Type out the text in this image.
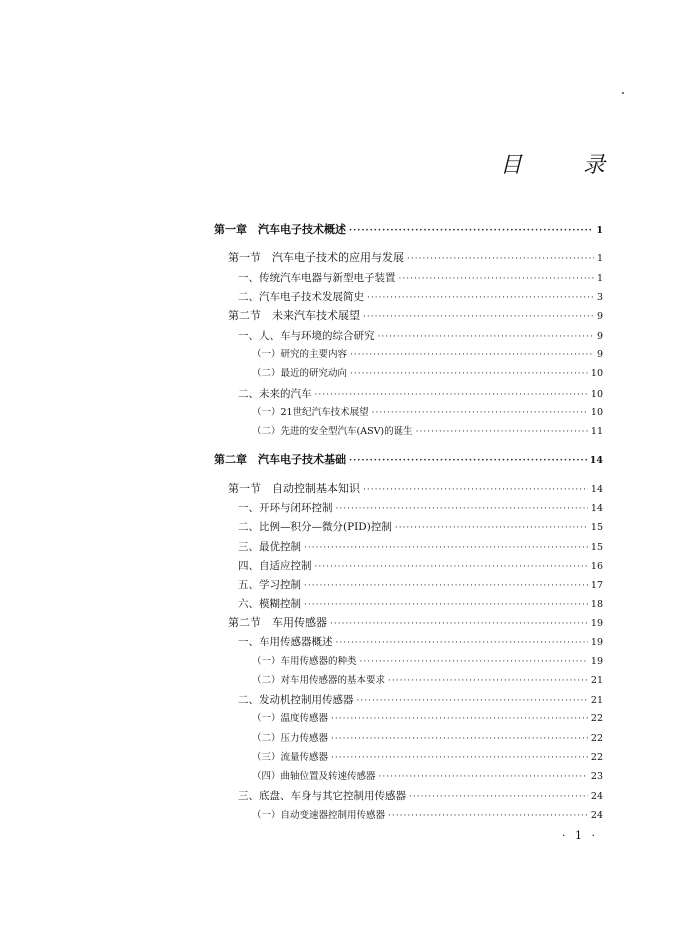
目	录
第一章　汽车电子技术概述 ·····	1
第一节　汽车电子技术的应用与发展 ·····	1
一、传统汽车电器与新型电子装置 ·····	1
二、汽车电子技术发展简史 ·····	3
第二节　未来汽车技术展望 ·····	9
一、人、车与环境的综合研究 ·····	9
（一）研究的主要内容 ·····	9
（二）最近的研究动向 ·····	10
二、未来的汽车 ·····	10
（一）21世纪汽车技术展望 ·····	10
（二）先进的安全型汽车(ASV)的诞生 ·····	11
第二章　汽车电子技术基础 ·····	14
第一节　自动控制基本知识 ·····	14
一、开环与闭环控制 ·····	14
二、比例—积分—微分(PID)控制 ·····	15
三、最优控制 ·····	15
四、自适应控制 ·····	16
五、学习控制 ·····	17
六、模糊控制 ·····	18
第二节　车用传感器 ·····	19
一、车用传感器概述 ·····	19
（一）车用传感器的种类 ·····	19
（二）对车用传感器的基本要求 ·····	21
二、发动机控制用传感器 ·····	21
（一）温度传感器 ·····	22
（二）压力传感器 ·····	22
（三）流量传感器 ·····	22
（四）曲轴位置及转速传感器 ·····	23
三、底盘、车身与其它控制用传感器 ·····	24
（一）自动变速器控制用传感器 ·····	24
· 1 ·
